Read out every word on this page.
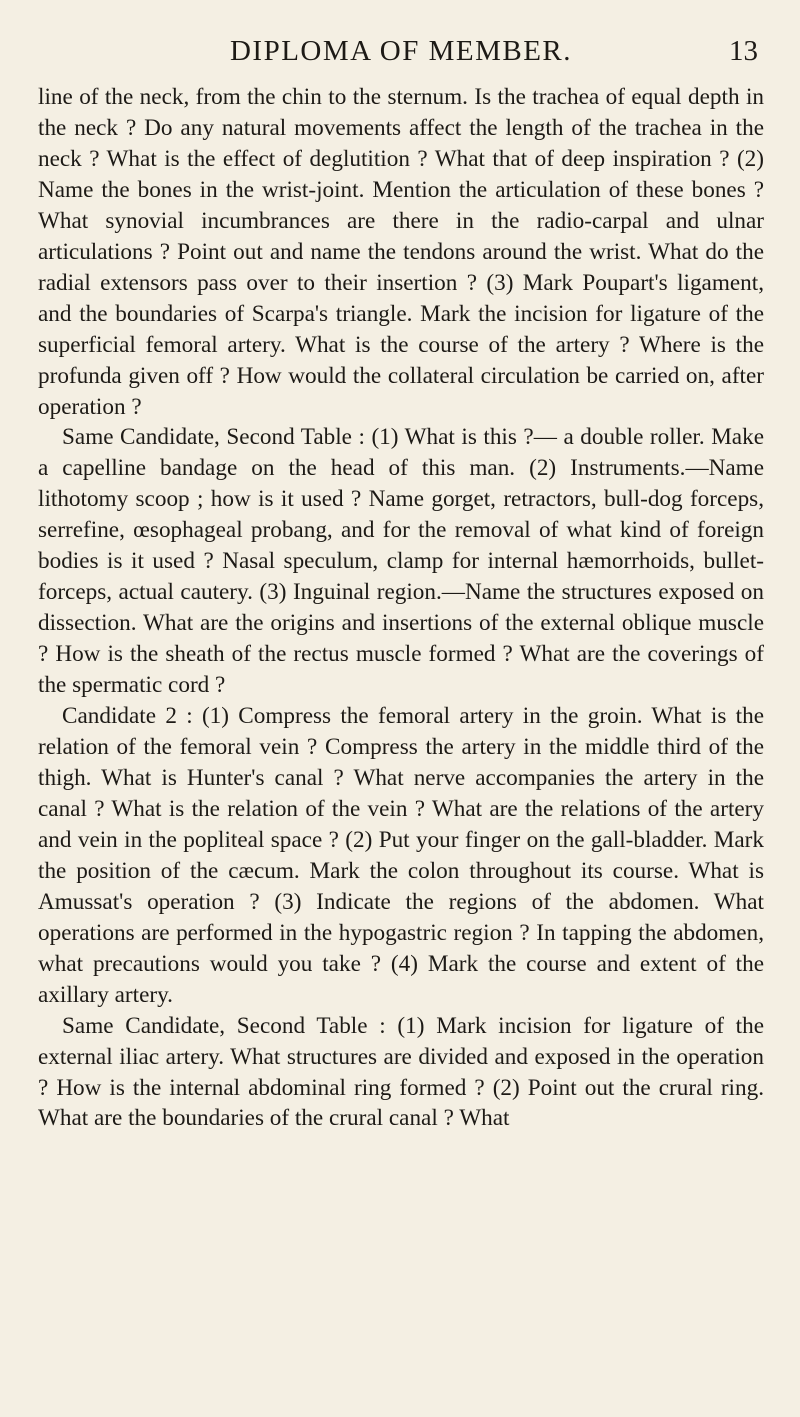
DIPLOMA OF MEMBER.	13

line of the neck, from the chin to the sternum. Is the trachea of equal depth in the neck ? Do any natural movements affect the length of the trachea in the neck ? What is the effect of deglutition ? What that of deep inspiration ? (2) Name the bones in the wrist-joint. Mention the articulation of these bones ? What synovial incumbrances are there in the radio-carpal and ulnar articulations ? Point out and name the tendons around the wrist. What do the radial extensors pass over to their insertion ? (3) Mark Poupart's ligament, and the boundaries of Scarpa's triangle. Mark the incision for ligature of the superficial femoral artery. What is the course of the artery ? Where is the profunda given off ? How would the collateral circulation be carried on, after operation ?

Same Candidate, Second Table : (1) What is this ?— a double roller. Make a capelline bandage on the head of this man. (2) Instruments.—Name lithotomy scoop ; how is it used ? Name gorget, retractors, bull-dog forceps, serrefine, œsophageal probang, and for the removal of what kind of foreign bodies is it used ? Nasal speculum, clamp for internal hæmorrhoids, bullet-forceps, actual cautery. (3) Inguinal region.—Name the structures exposed on dissection. What are the origins and insertions of the external oblique muscle ? How is the sheath of the rectus muscle formed ? What are the coverings of the spermatic cord ?

Candidate 2 : (1) Compress the femoral artery in the groin. What is the relation of the femoral vein ? Compress the artery in the middle third of the thigh. What is Hunter's canal ? What nerve accompanies the artery in the canal ? What is the relation of the vein ? What are the relations of the artery and vein in the popliteal space ? (2) Put your finger on the gall-bladder. Mark the position of the cæcum. Mark the colon throughout its course. What is Amussat's operation ? (3) Indicate the regions of the abdomen. What operations are performed in the hypogastric region ? In tapping the abdomen, what precautions would you take ? (4) Mark the course and extent of the axillary artery.

Same Candidate, Second Table : (1) Mark incision for ligature of the external iliac artery. What structures are divided and exposed in the operation ? How is the internal abdominal ring formed ? (2) Point out the crural ring. What are the boundaries of the crural canal ? What
